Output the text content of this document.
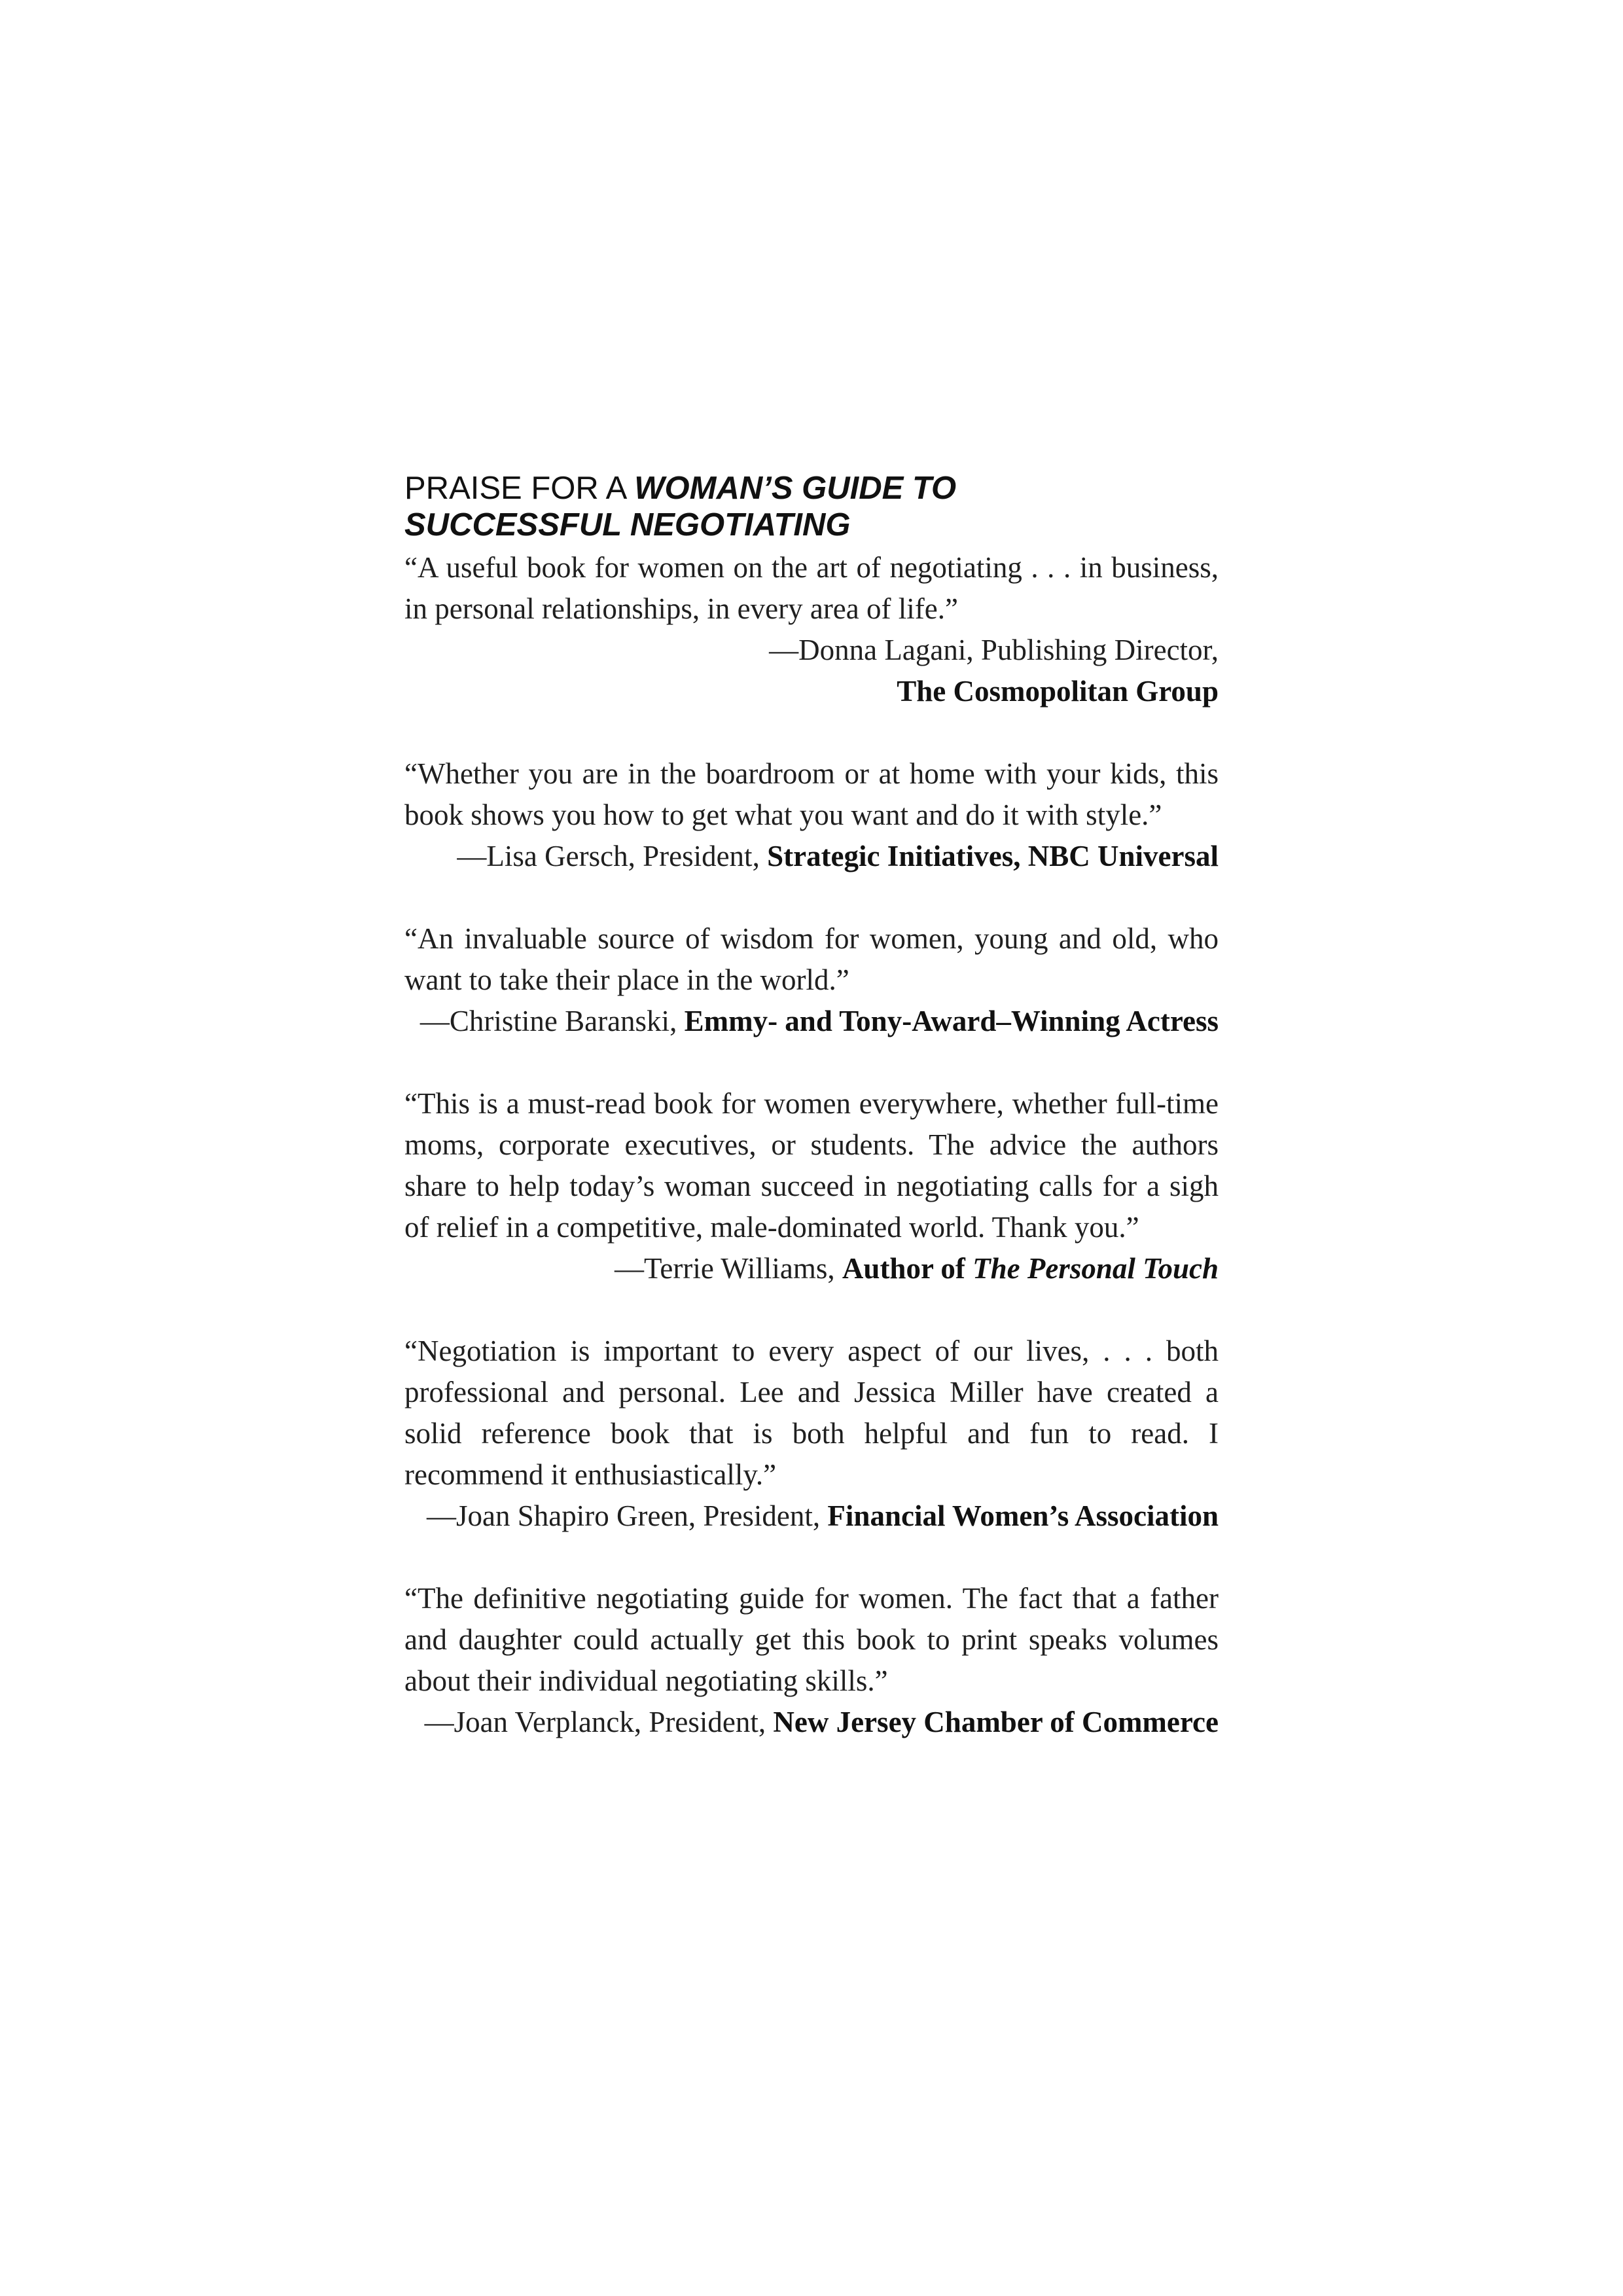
PRAISE FOR A WOMAN’S GUIDE TO
SUCCESSFUL NEGOTIATING

“A useful book for women on the art of negotiating . . . in business, in personal relationships, in every area of life.”

—Donna Lagani, Publishing Director,

The Cosmopolitan Group

“Whether you are in the boardroom or at home with your kids, this book shows you how to get what you want and do it with style.”

—Lisa Gersch, President, Strategic Initiatives, NBC Universal

“An invaluable source of wisdom for women, young and old, who want to take their place in the world.”

—Christine Baranski, Emmy- and Tony-Award–Winning Actress

“This is a must-read book for women everywhere, whether full-time moms, corporate executives, or students. The advice the authors share to help today’s woman succeed in negotiating calls for a sigh of relief in a competitive, male-dominated world. Thank you.”

—Terrie Williams, Author of The Personal Touch

“Negotiation is important to every aspect of our lives, . . . both professional and personal. Lee and Jessica Miller have created a solid reference book that is both helpful and fun to read. I recommend it enthusiastically.”

—Joan Shapiro Green, President, Financial Women’s Association

“The definitive negotiating guide for women. The fact that a father and daughter could actually get this book to print speaks volumes about their individual negotiating skills.”

—Joan Verplanck, President, New Jersey Chamber of Commerce
